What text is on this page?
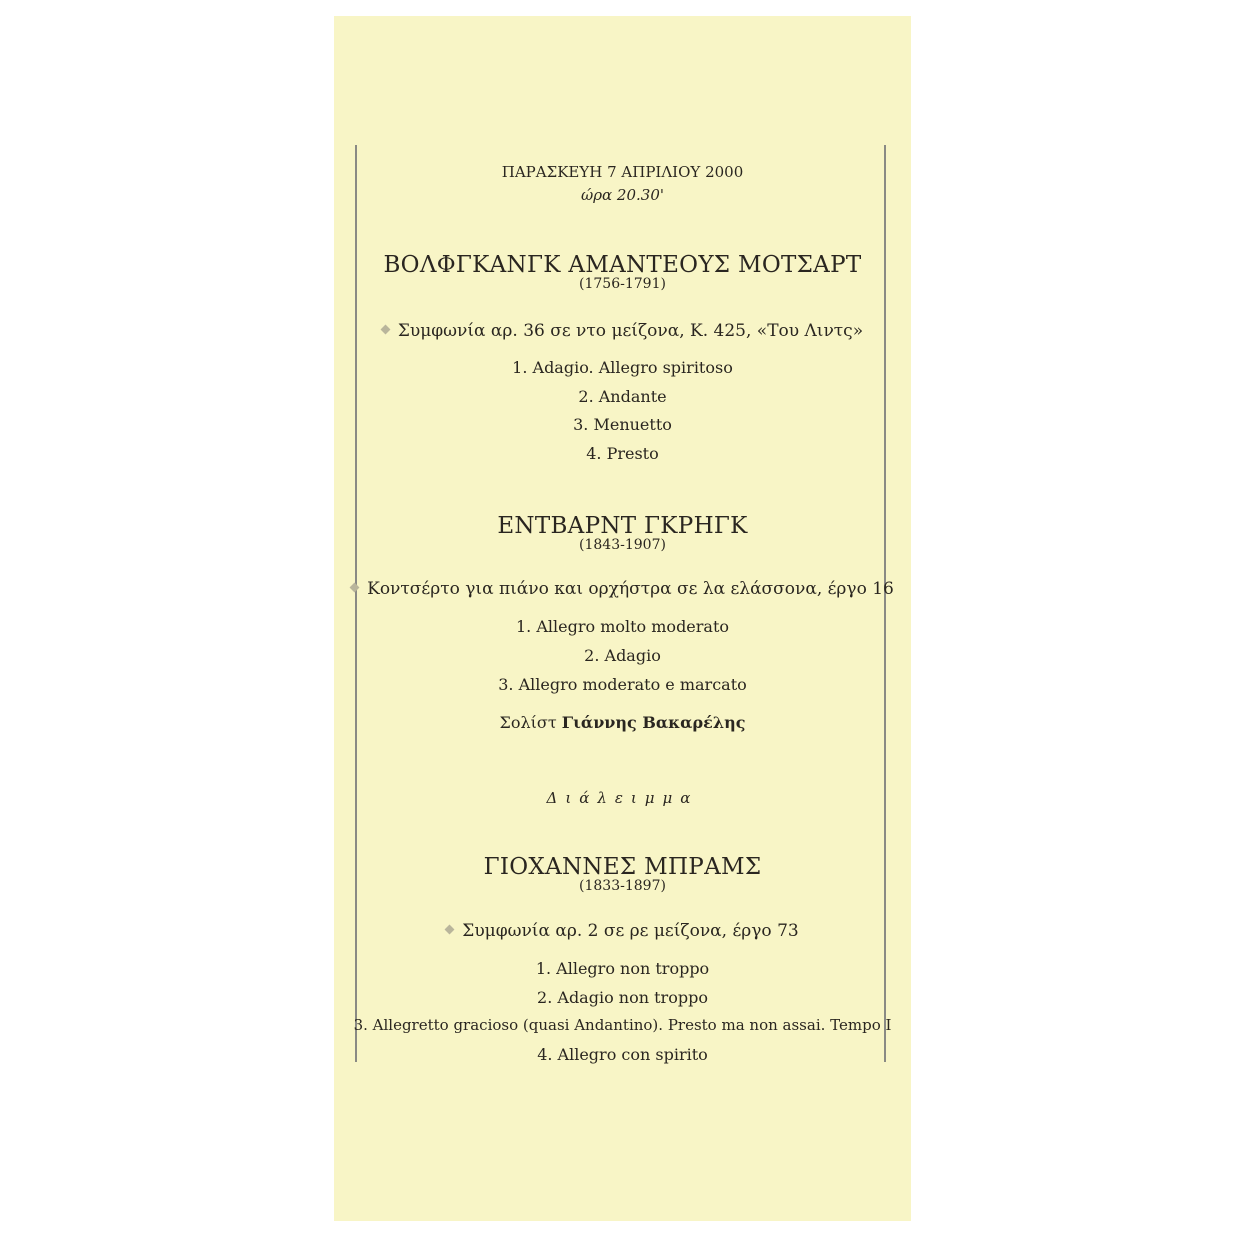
ΠΑΡΑΣΚΕΥΗ 7 ΑΠΡΙΛΙΟΥ 2000
ώρα 20.30'
ΒΟΛΦΓΚΑΝΓΚ ΑΜΑΝΤΕΟΥΣ ΜΟΤΣΑΡΤ
(1756-1791)
Συμφωνία αρ. 36 σε ντο μείζονα, Κ. 425, «Του Λιντς»
1. Adagio. Allegro spiritoso
2. Andante
3. Menuetto
4. Presto
ΕΝΤΒΑΡΝΤ ΓΚΡΗΓΚ
(1843-1907)
Κοντσέρτο για πιάνο και ορχήστρα σε λα ελάσσονα, έργο 16
1. Allegro molto moderato
2. Adagio
3. Allegro moderato e marcato
Σολίστ Γιάννης Βακαρέλης
Διάλειμμα
ΓΙΟΧΑΝΝΕΣ ΜΠΡΑΜΣ
(1833-1897)
Συμφωνία αρ. 2 σε ρε μείζονα, έργο 73
1. Allegro non troppo
2. Adagio non troppo
3. Allegretto gracioso (quasi Andantino). Presto ma non assai. Tempo I
4. Allegro con spirito
